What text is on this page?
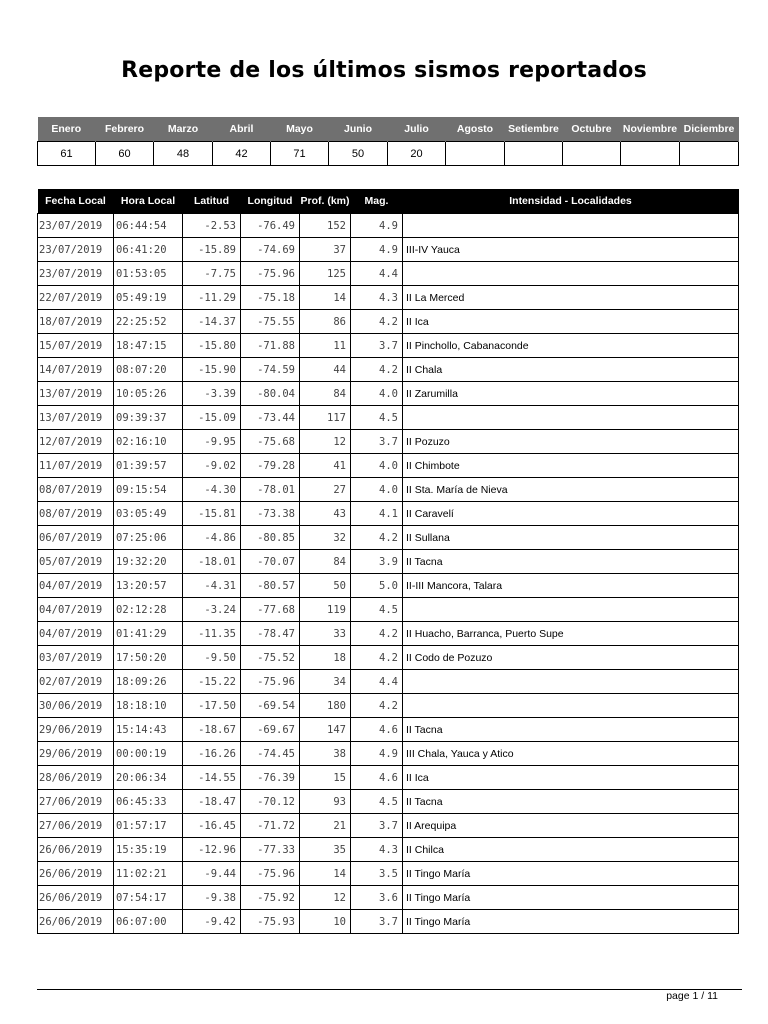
Reporte de los últimos sismos reportados
Enero	Febrero	Marzo	Abril	Mayo	Junio	Julio	Agosto	Setiembre	Octubre	Noviembre	Diciembre
61	60	48	42	71	50	20					
Fecha Local	Hora Local	Latitud	Longitud	Prof. (km)	Mag.	Intensidad - Localidades
23/07/2019	06:44:54	-2.53	-76.49	152	4.9	
23/07/2019	06:41:20	-15.89	-74.69	37	4.9	III-IV Yauca
23/07/2019	01:53:05	-7.75	-75.96	125	4.4	
22/07/2019	05:49:19	-11.29	-75.18	14	4.3	II La Merced
18/07/2019	22:25:52	-14.37	-75.55	86	4.2	II Ica
15/07/2019	18:47:15	-15.80	-71.88	11	3.7	II Pinchollo, Cabanaconde
14/07/2019	08:07:20	-15.90	-74.59	44	4.2	II Chala
13/07/2019	10:05:26	-3.39	-80.04	84	4.0	II Zarumilla
13/07/2019	09:39:37	-15.09	-73.44	117	4.5	
12/07/2019	02:16:10	-9.95	-75.68	12	3.7	II Pozuzo
11/07/2019	01:39:57	-9.02	-79.28	41	4.0	II Chimbote
08/07/2019	09:15:54	-4.30	-78.01	27	4.0	II Sta. María de Nieva
08/07/2019	03:05:49	-15.81	-73.38	43	4.1	II Caravelí
06/07/2019	07:25:06	-4.86	-80.85	32	4.2	II Sullana
05/07/2019	19:32:20	-18.01	-70.07	84	3.9	II Tacna
04/07/2019	13:20:57	-4.31	-80.57	50	5.0	II-III Mancora, Talara
04/07/2019	02:12:28	-3.24	-77.68	119	4.5	
04/07/2019	01:41:29	-11.35	-78.47	33	4.2	II Huacho, Barranca, Puerto Supe
03/07/2019	17:50:20	-9.50	-75.52	18	4.2	II Codo de Pozuzo
02/07/2019	18:09:26	-15.22	-75.96	34	4.4	
30/06/2019	18:18:10	-17.50	-69.54	180	4.2	
29/06/2019	15:14:43	-18.67	-69.67	147	4.6	II Tacna
29/06/2019	00:00:19	-16.26	-74.45	38	4.9	III Chala, Yauca y Atico
28/06/2019	20:06:34	-14.55	-76.39	15	4.6	II Ica
27/06/2019	06:45:33	-18.47	-70.12	93	4.5	II Tacna
27/06/2019	01:57:17	-16.45	-71.72	21	3.7	II Arequipa
26/06/2019	15:35:19	-12.96	-77.33	35	4.3	II Chilca
26/06/2019	11:02:21	-9.44	-75.96	14	3.5	II Tingo María
26/06/2019	07:54:17	-9.38	-75.92	12	3.6	II Tingo María
26/06/2019	06:07:00	-9.42	-75.93	10	3.7	II Tingo María
page 1 / 11
